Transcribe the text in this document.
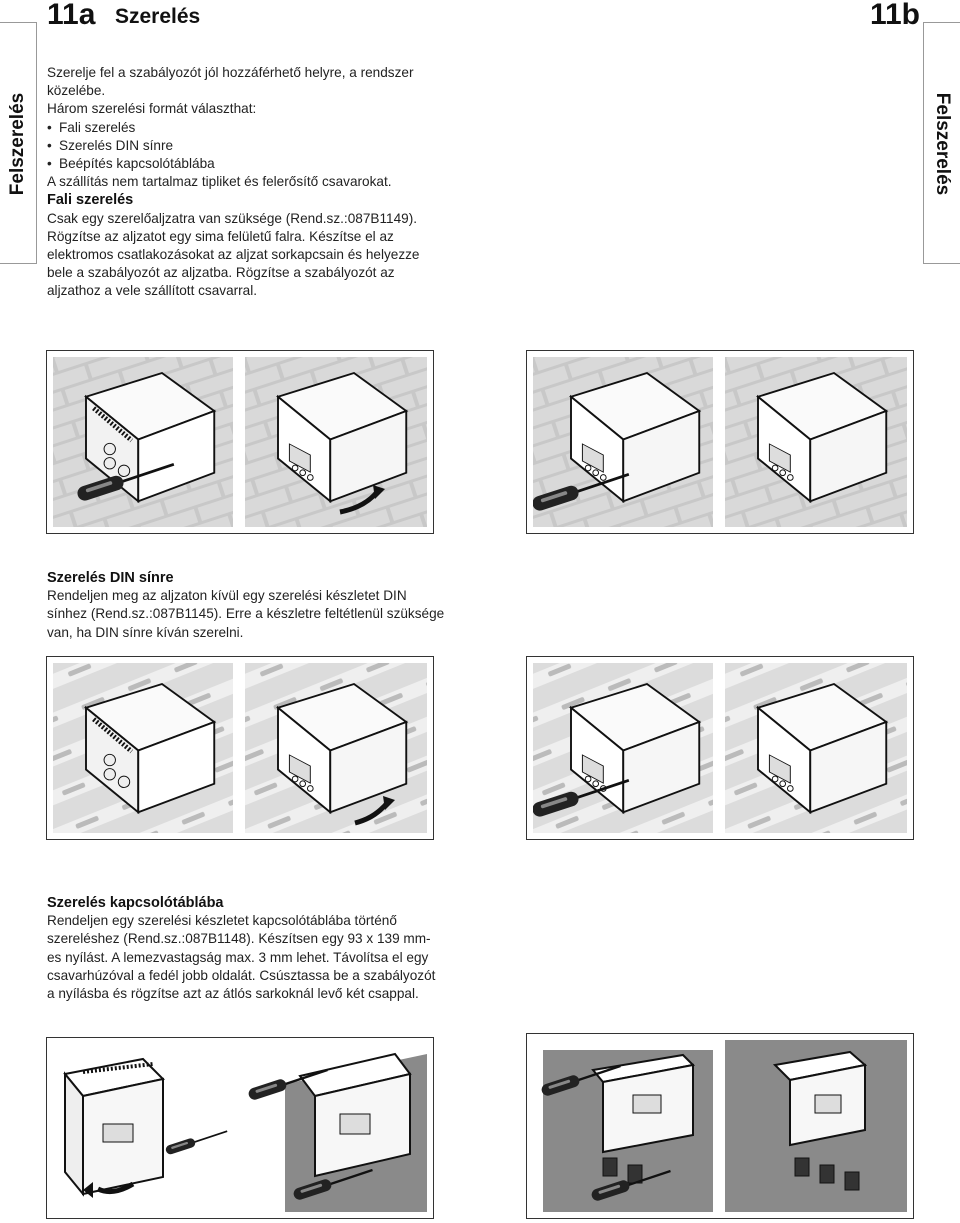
11a Szerelés	11b
Felszerelés	Felszerelés

Szerelje fel a szabályozót jól hozzáférhető helyre, a rendszer közelébe.

Három szerelési formát választhat:

• Fali szerelés
• Szerelés DIN sínre
• Beépítés kapcsolótáblába

A szállítás nem tartalmaz tipliket és felerősítő csavarokat.

Fali szerelés

Csak egy szerelőaljzatra van szüksége (Rend.sz.:087B1149). Rögzítse az aljzatot egy sima felületű falra. Készítse el az elektromos csatlakozásokat az aljzat sorkapcsain és helyezze bele a szabályozót az aljzatba. Rögzítse a szabályozót az aljzathoz a vele szállított csavarral.

Szerelés DIN sínre

Rendeljen meg az aljzaton kívül egy szerelési készletet DIN sínhez (Rend.sz.:087B1145). Erre a készletre feltétlenül szüksége van, ha DIN sínre kíván szerelni.

Szerelés kapcsolótáblába

Rendeljen egy szerelési készletet kapcsolótáblába történő szereléshez (Rend.sz.:087B1148). Készítsen egy 93 x 139 mm-es nyílást. A lemezvastagság max. 3 mm lehet. Távolítsa el egy csavarhúzóval a fedél jobb oldalát. Csúsztassa be a szabályozót a nyílásba és rögzítse azt az átlós sarkoknál levő két csappal.
